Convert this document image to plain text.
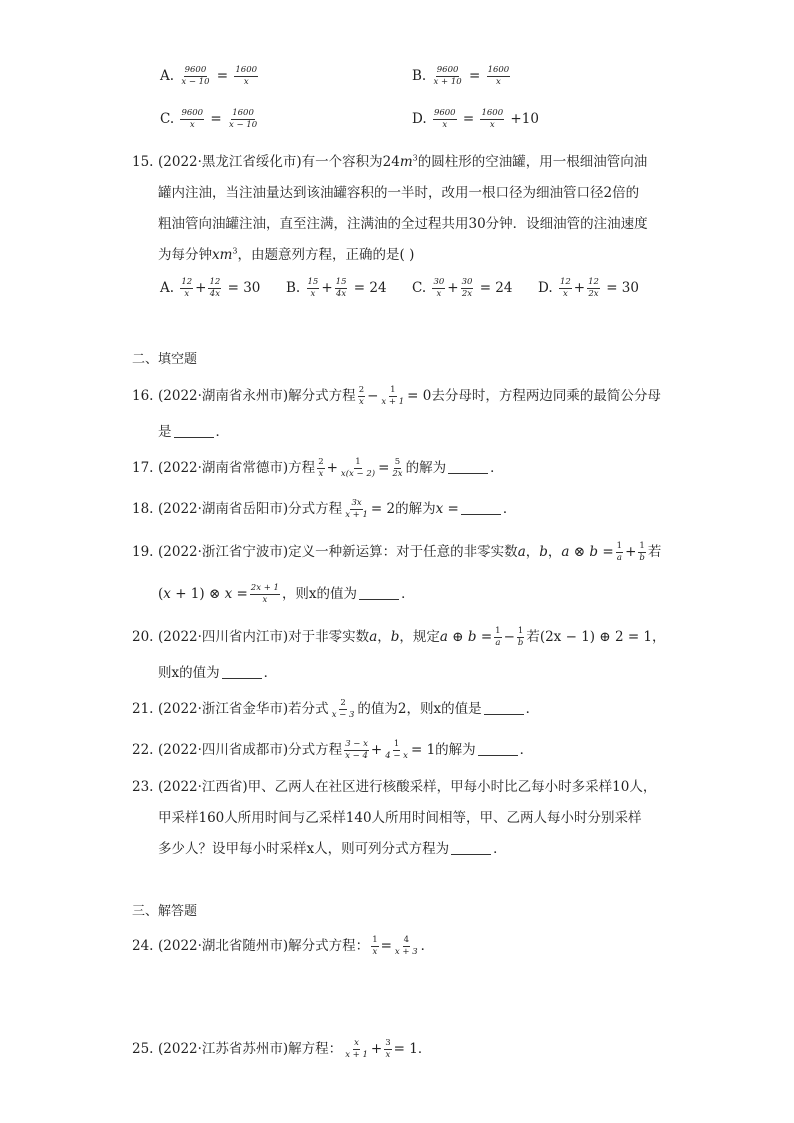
A. $\frac{9600}{x - 10} = \frac{1600}{x}$	B. $\frac{9600}{x + 10} = \frac{1600}{x}$
C. $\frac{9600}{x} = \frac{1600}{x - 10}$	D. $\frac{9600}{x} = \frac{1600}{x} +10$
15. (2022·黑龙江省绥化市)有一个容积为$24m^3$的圆柱形的空油罐，用一根细油管向油
罐内注油，当注油量达到该油罐容积的一半时，改用一根口径为细油管口径2倍的
粗油管向油罐注油，直至注满，注满油的全过程共用30分钟．设细油管的注油速度
为每分钟$xm^3$，由题意列方程，正确的是( )
A. $\frac{12}{x} + \frac{12}{4x} = 30$ B. $\frac{15}{x} + \frac{15}{4x} = 24$ C. $\frac{30}{x} + \frac{30}{2x} = 24$ D. $\frac{12}{x} + \frac{12}{2x} = 30$
二、填空题
16. (2022·湖南省永州市)解分式方程 $\frac{2}{x} - \frac{1}{x + 1} = 0$去分母时，方程两边同乘的最简公分母
是	．
17. (2022·湖南省常德市)方程 $\frac{2}{x} + \frac{1}{x(x - 2)} = \frac{5}{2x}$ 的解为	．
18. (2022·湖南省岳阳市)分式方程 $\frac{3x}{x + 1} = 2$的解为x =	．
19. (2022·浙江省宁波市)定义一种新运算：对于任意的非零实数a，b，a ⊗ $b = \frac{1}{a} + \frac{1}{b}$ 若
(x + 1) ⊗ $x = \frac{2x + 1}{x}$ ，则x的值为	．
20. (2022·四川省内江市)对于非零实数a，b，规定a ⊕ $b = \frac{1}{a} - \frac{1}{b}$ 若(2x − 1) ⊕ 2 = 1，
则x的值为	．
21. (2022·浙江省金华市)若分式 $\frac{2}{x - 3}$ 的值为2，则x的值是	．
22. (2022·四川省成都市)分式方程 $\frac{3 - x}{x - 4} + \frac{1}{4 - x} = 1$的解为	．
23. (2022·江西省)甲、乙两人在社区进行核酸采样，甲每小时比乙每小时多采样10人，
甲采样160人所用时间与乙采样140人所用时间相等，甲、乙两人每小时分别采样
多少人？设甲每小时采样x人，则可列分式方程为	．
三、解答题
24. (2022·湖北省随州市)解分式方程： $\frac{1}{x} = \frac{4}{x + 3}$ ．
25. (2022·江苏省苏州市)解方程： $\frac{x}{x + 1} + \frac{3}{x} = 1$．
